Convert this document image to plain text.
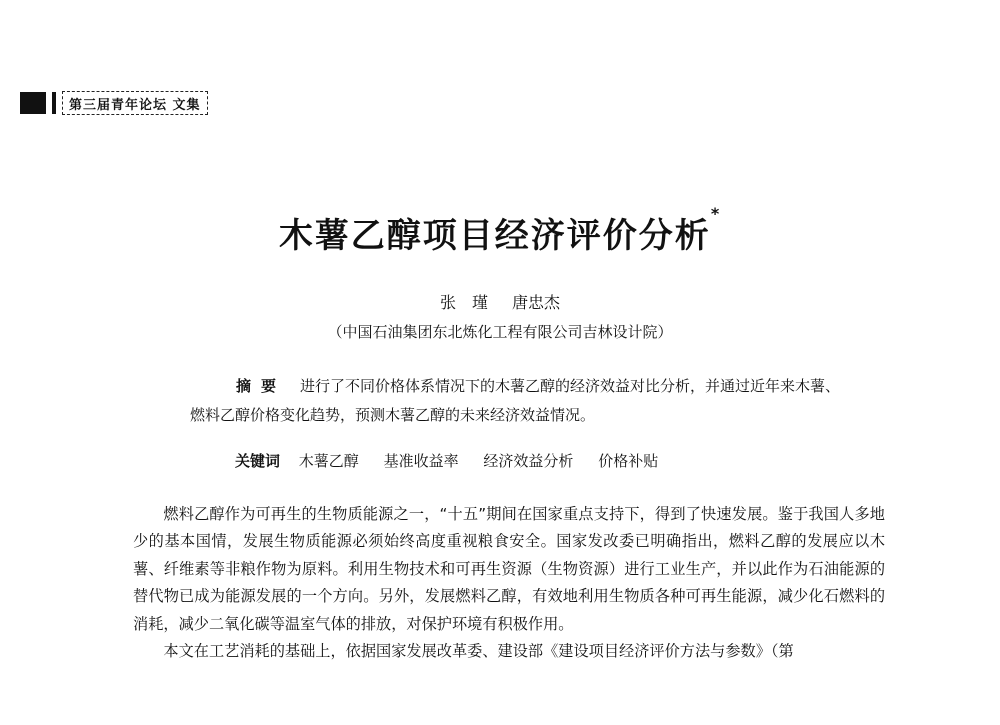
第三届青年论坛 文集
木薯乙醇项目经济评价分析*
张　瑾 唐忠杰
（中国石油集团东北炼化工程有限公司吉林设计院）
摘要 进行了不同价格体系情况下的木薯乙醇的经济效益对比分析，并通过近年来木薯、燃料乙醇价格变化趋势，预测木薯乙醇的未来经济效益情况。
关键词 木薯乙醇 基准收益率 经济效益分析 价格补贴

燃料乙醇作为可再生的生物质能源之一，“十五”期间在国家重点支持下，得到了快速发展。鉴于我国人多地少的基本国情，发展生物质能源必须始终高度重视粮食安全。国家发改委已明确指出，燃料乙醇的发展应以木薯、纤维素等非粮作物为原料。利用生物技术和可再生资源（生物资源）进行工业生产，并以此作为石油能源的替代物已成为能源发展的一个方向。另外，发展燃料乙醇，有效地利用生物质各种可再生能源，减少化石燃料的消耗，减少二氧化碳等温室气体的排放，对保护环境有积极作用。

本文在工艺消耗的基础上，依据国家发展改革委、建设部《建设项目经济评价方法与参数》（第
